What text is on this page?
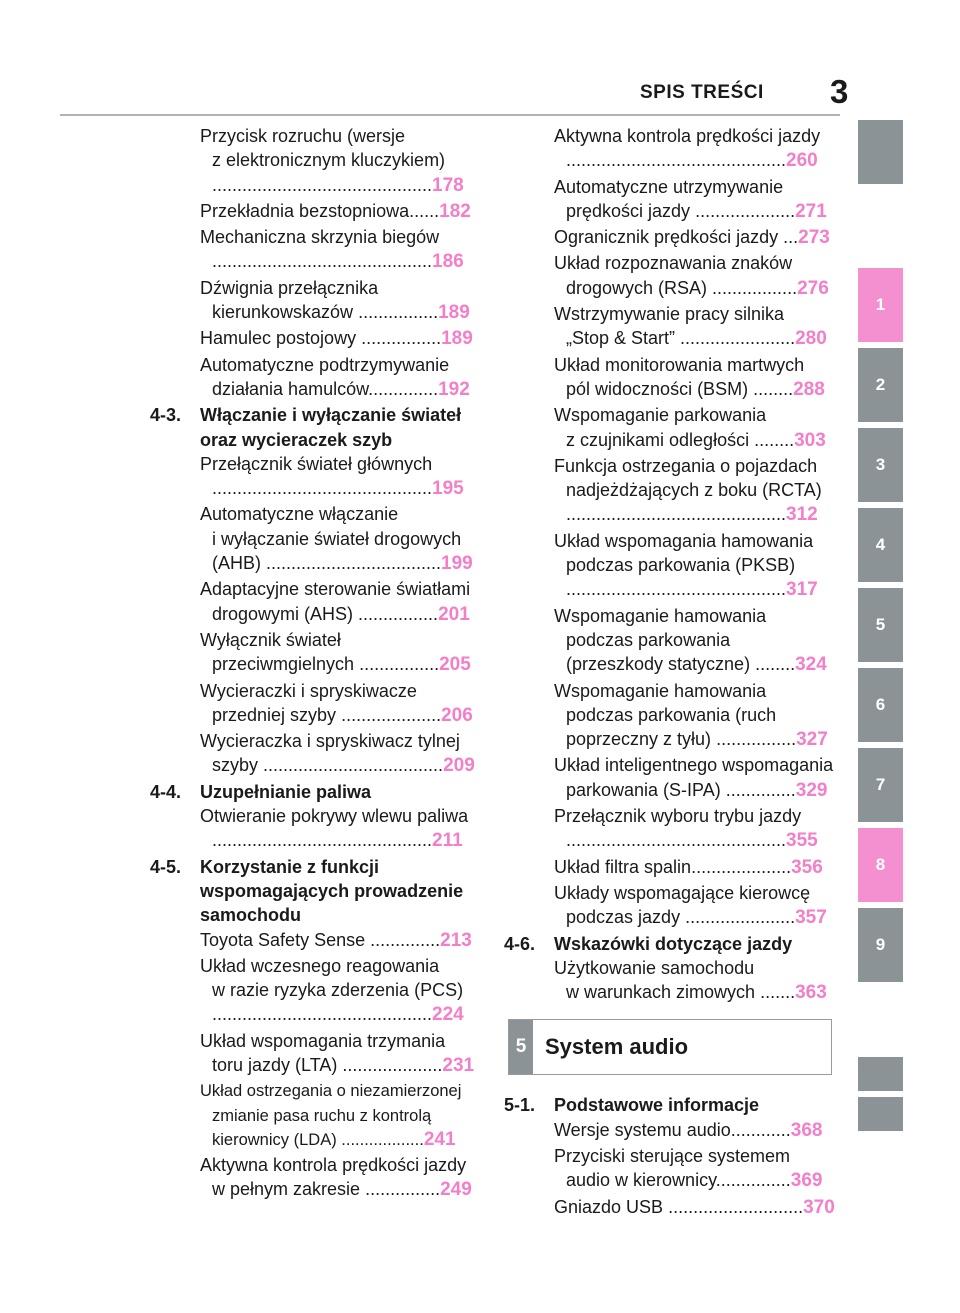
SPIS TREŚCI 3
Przycisk rozruchu (wersje
z elektronicznym kluczykiem)
............................................178
Przekładnia bezstopniowa......182
Mechaniczna skrzynia biegów
............................................186
Dźwignia przełącznika
kierunkowskazów ................189
Hamulec postojowy ................189
Automatyczne podtrzymywanie
działania hamulców..............192
4-3.	Włączanie i wyłączanie świateł
oraz wycieraczek szyb
Przełącznik świateł głównych
............................................195
Automatyczne włączanie
i wyłączanie świateł drogowych
(AHB) ...................................199
Adaptacyjne sterowanie światłami
drogowymi (AHS) ................201
Wyłącznik świateł
przeciwmgielnych ................205
Wycieraczki i spryskiwacze
przedniej szyby ....................206
Wycieraczka i spryskiwacz tylnej
szyby ....................................209
4-4.	Uzupełnianie paliwa
Otwieranie pokrywy wlewu paliwa
............................................211
4-5.	Korzystanie z funkcji
wspomagających prowadzenie
samochodu
Toyota Safety Sense ..............213
Układ wczesnego reagowania
w razie ryzyka zderzenia (PCS)
............................................224
Układ wspomagania trzymania
toru jazdy (LTA) ....................231
Układ ostrzegania o niezamierzonej
zmianie pasa ruchu z kontrolą
kierownicy (LDA) ..................241
Aktywna kontrola prędkości jazdy
w pełnym zakresie ...............249
Aktywna kontrola prędkości jazdy
............................................260
Automatyczne utrzymywanie
prędkości jazdy ....................271
Ogranicznik prędkości jazdy ...273
Układ rozpoznawania znaków
drogowych (RSA) .................276
Wstrzymywanie pracy silnika
„Stop & Start” .......................280
Układ monitorowania martwych
pól widoczności (BSM) ........288
Wspomaganie parkowania
z czujnikami odległości ........303
Funkcja ostrzegania o pojazdach
nadjeżdżających z boku (RCTA)
............................................312
Układ wspomagania hamowania
podczas parkowania (PKSB)
............................................317
Wspomaganie hamowania
podczas parkowania
(przeszkody statyczne) ........324
Wspomaganie hamowania
podczas parkowania (ruch
poprzeczny z tyłu) ................327
Układ inteligentnego wspomagania
parkowania (S-IPA) ..............329
Przełącznik wyboru trybu jazdy
............................................355
Układ filtra spalin....................356
Układy wspomagające kierowcę
podczas jazdy ......................357
4-6.	Wskazówki dotyczące jazdy
Użytkowanie samochodu
w warunkach zimowych .......363
5 System audio
5-1.	Podstawowe informacje
Wersje systemu audio............368
Przyciski sterujące systemem
audio w kierownicy...............369
Gniazdo USB ...........................370
1
2
3
4
5
6
7
8
9
